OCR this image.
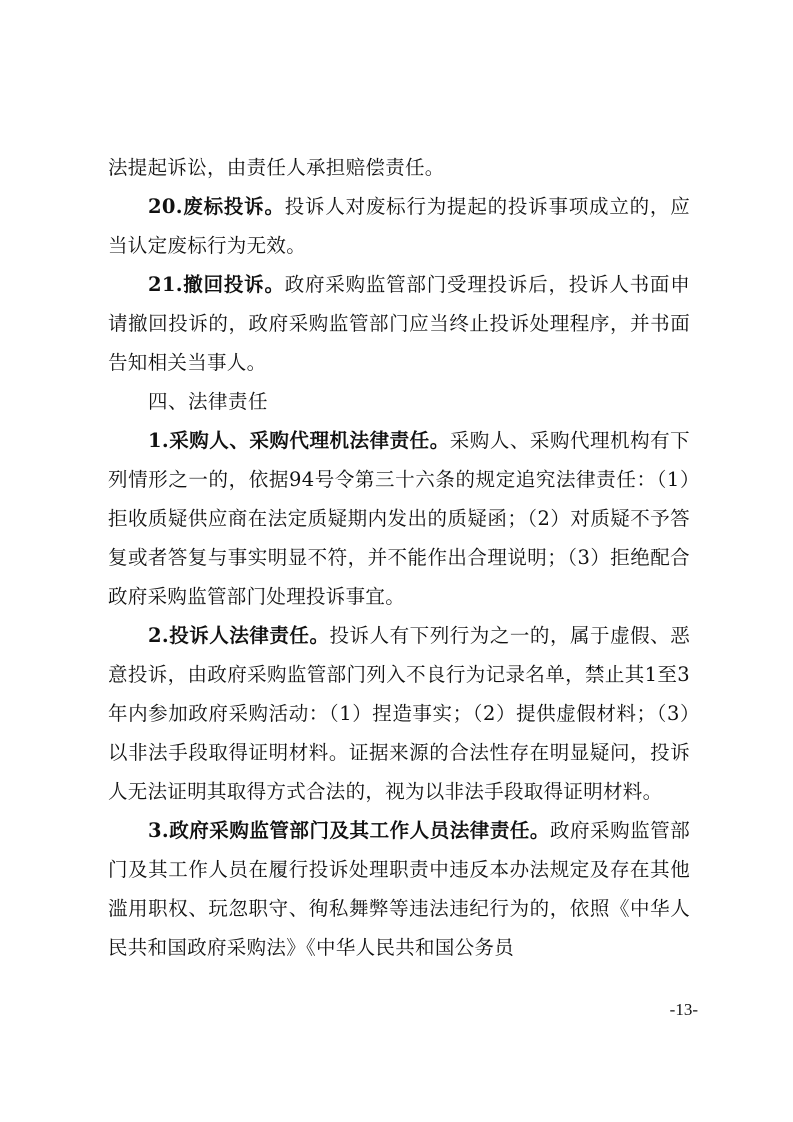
法提起诉讼，由责任人承担赔偿责任。

20.废标投诉。投诉人对废标行为提起的投诉事项成立的，应当认定废标行为无效。

21.撤回投诉。政府采购监管部门受理投诉后，投诉人书面申请撤回投诉的，政府采购监管部门应当终止投诉处理程序，并书面告知相关当事人。

四、法律责任

1.采购人、采购代理机法律责任。采购人、采购代理机构有下列情形之一的，依据94号令第三十六条的规定追究法律责任：（1）拒收质疑供应商在法定质疑期内发出的质疑函；（2）对质疑不予答复或者答复与事实明显不符，并不能作出合理说明；（3）拒绝配合政府采购监管部门处理投诉事宜。

2.投诉人法律责任。投诉人有下列行为之一的，属于虚假、恶意投诉，由政府采购监管部门列入不良行为记录名单，禁止其1至3年内参加政府采购活动：（1）捏造事实；（2）提供虚假材料；（3）以非法手段取得证明材料。证据来源的合法性存在明显疑问，投诉人无法证明其取得方式合法的，视为以非法手段取得证明材料。

3.政府采购监管部门及其工作人员法律责任。政府采购监管部门及其工作人员在履行投诉处理职责中违反本办法规定及存在其他滥用职权、玩忽职守、徇私舞弊等违法违纪行为的，依照《中华人民共和国政府采购法》《中华人民共和国公务员

-13-
